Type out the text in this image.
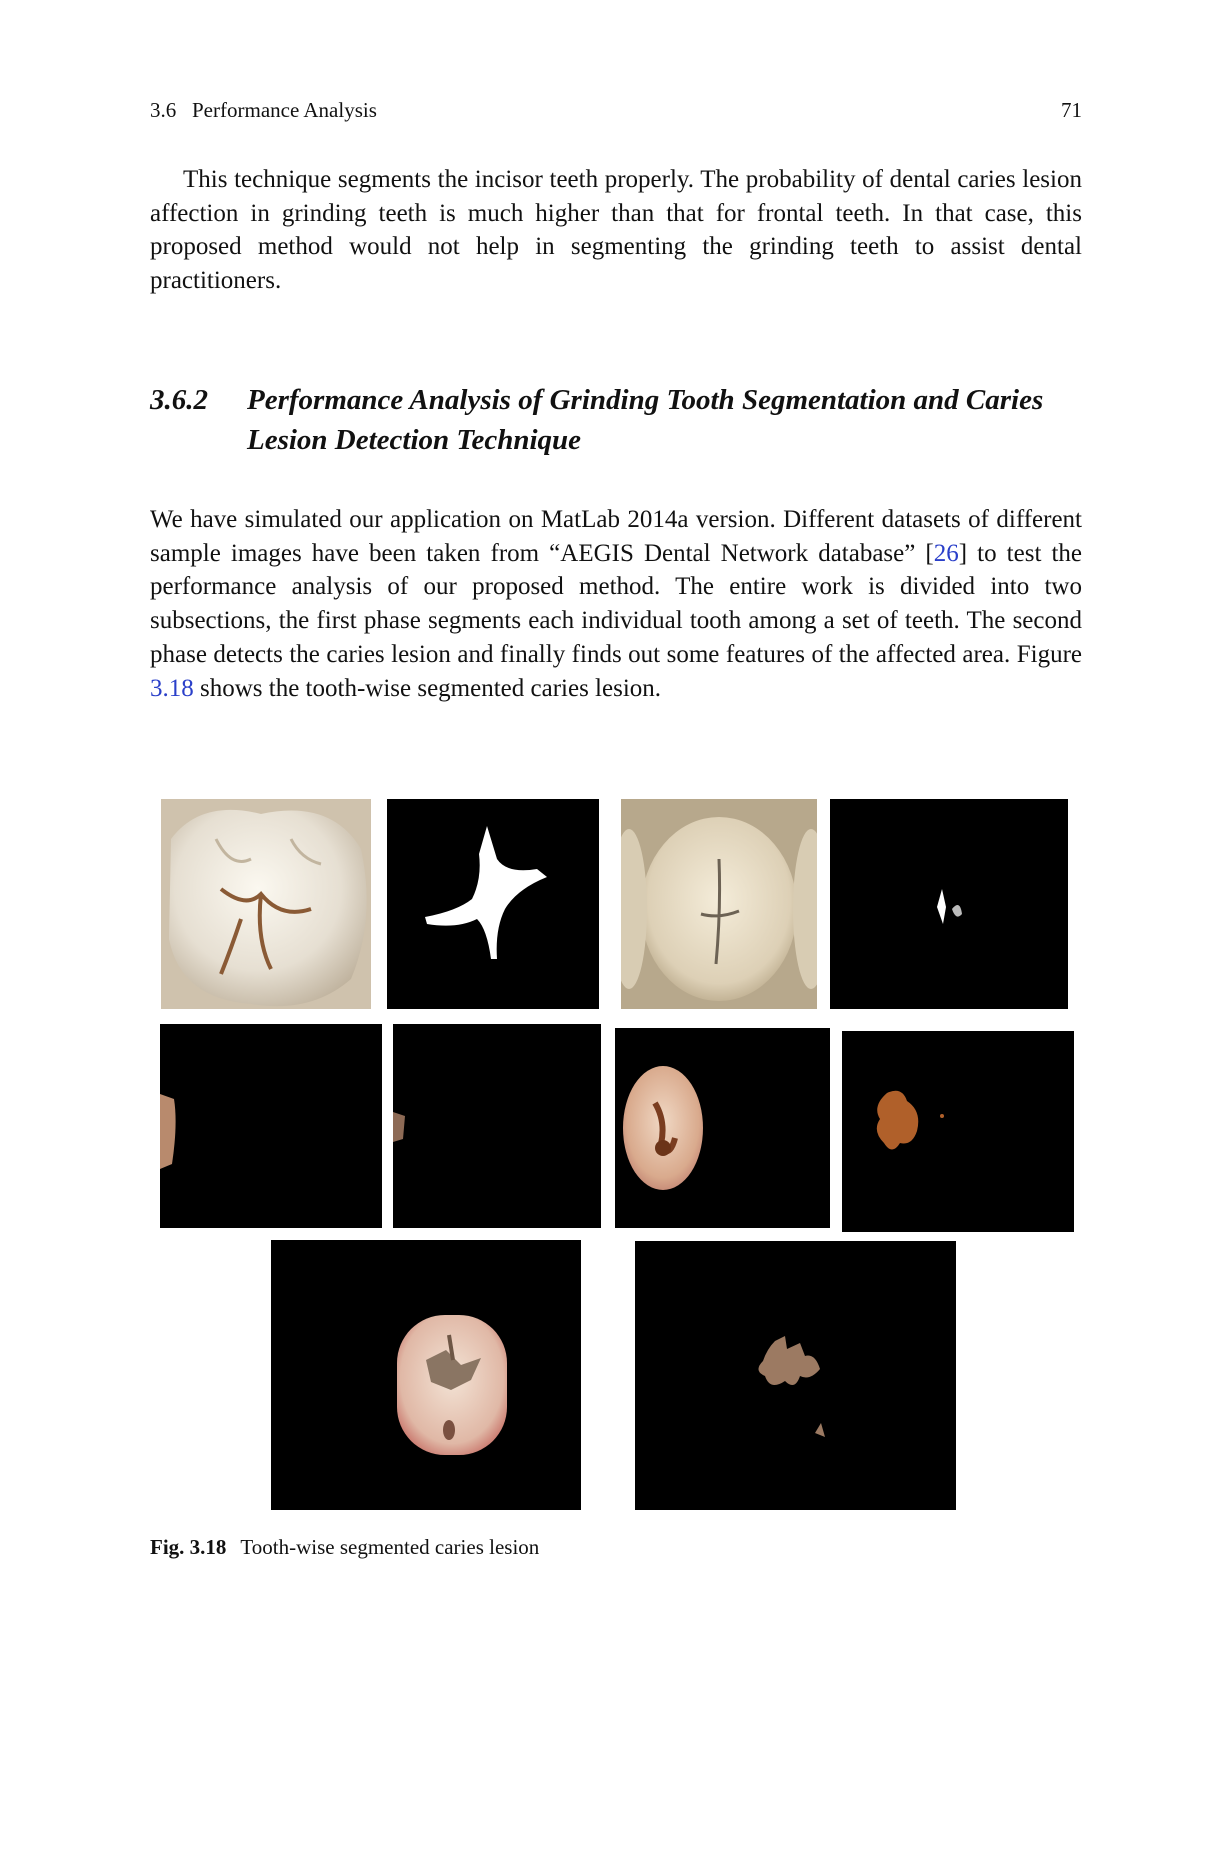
3.6   Performance Analysis	71

This technique segments the incisor teeth properly. The probability of dental caries lesion affection in grinding teeth is much higher than that for frontal teeth. In that case, this proposed method would not help in segmenting the grinding teeth to assist dental practitioners.

3.6.2 Performance Analysis of Grinding Tooth Segmentation and Caries Lesion Detection Technique

We have simulated our application on MatLab 2014a version. Different datasets of different sample images have been taken from “AEGIS Dental Network database” [26] to test the performance analysis of our proposed method. The entire work is divided into two subsections, the first phase segments each individual tooth among a set of teeth. The second phase detects the caries lesion and finally finds out some features of the affected area. Figure 3.18 shows the tooth-wise segmented caries lesion.

Fig. 3.18 Tooth-wise segmented caries lesion
